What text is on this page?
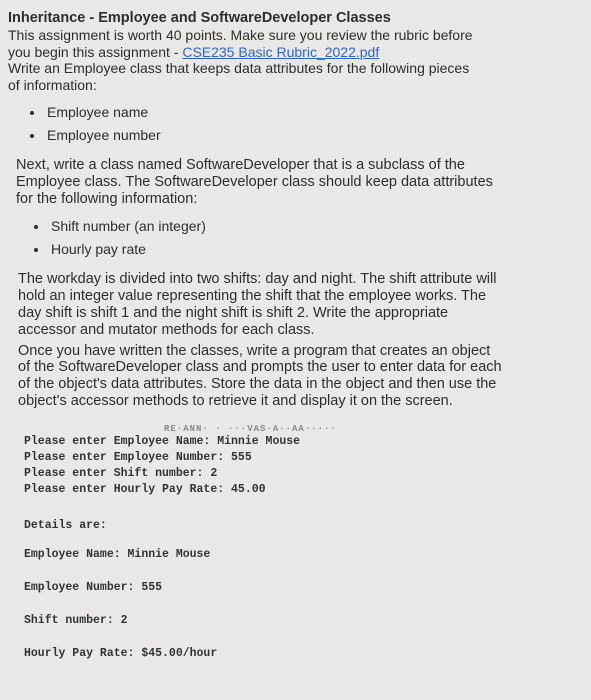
Inheritance - Employee and SoftwareDeveloper Classes

This assignment is worth 40 points. Make sure you review the rubric before

you begin this assignment - CSE235 Basic Rubric_2022.pdf

Write an Employee class that keeps data attributes for the following pieces

of information:

Employee name
Employee number

Next, write a class named SoftwareDeveloper that is a subclass of the

Employee class. The SoftwareDeveloper class should keep data attributes

for the following information:

Shift number (an integer)
Hourly pay rate

The workday is divided into two shifts: day and night. The shift attribute will

hold an integer value representing the shift that the employee works. The

day shift is shift 1 and the night shift is shift 2. Write the appropriate

accessor and mutator methods for each class.

Once you have written the classes, write a program that creates an object

of the SoftwareDeveloper class and prompts the user to enter data for each

of the object's data attributes. Store the data in the object and then use the

object's accessor methods to retrieve it and display it on the screen.

RE·ANN· · ···VAS·A··AA·····
Please enter Employee Name: Minnie Mouse
Please enter Employee Number: 555
Please enter Shift number: 2
Please enter Hourly Pay Rate: 45.00
Details are:
Employee Name: Minnie Mouse
Employee Number: 555
Shift number: 2
Hourly Pay Rate: $45.00/hour
